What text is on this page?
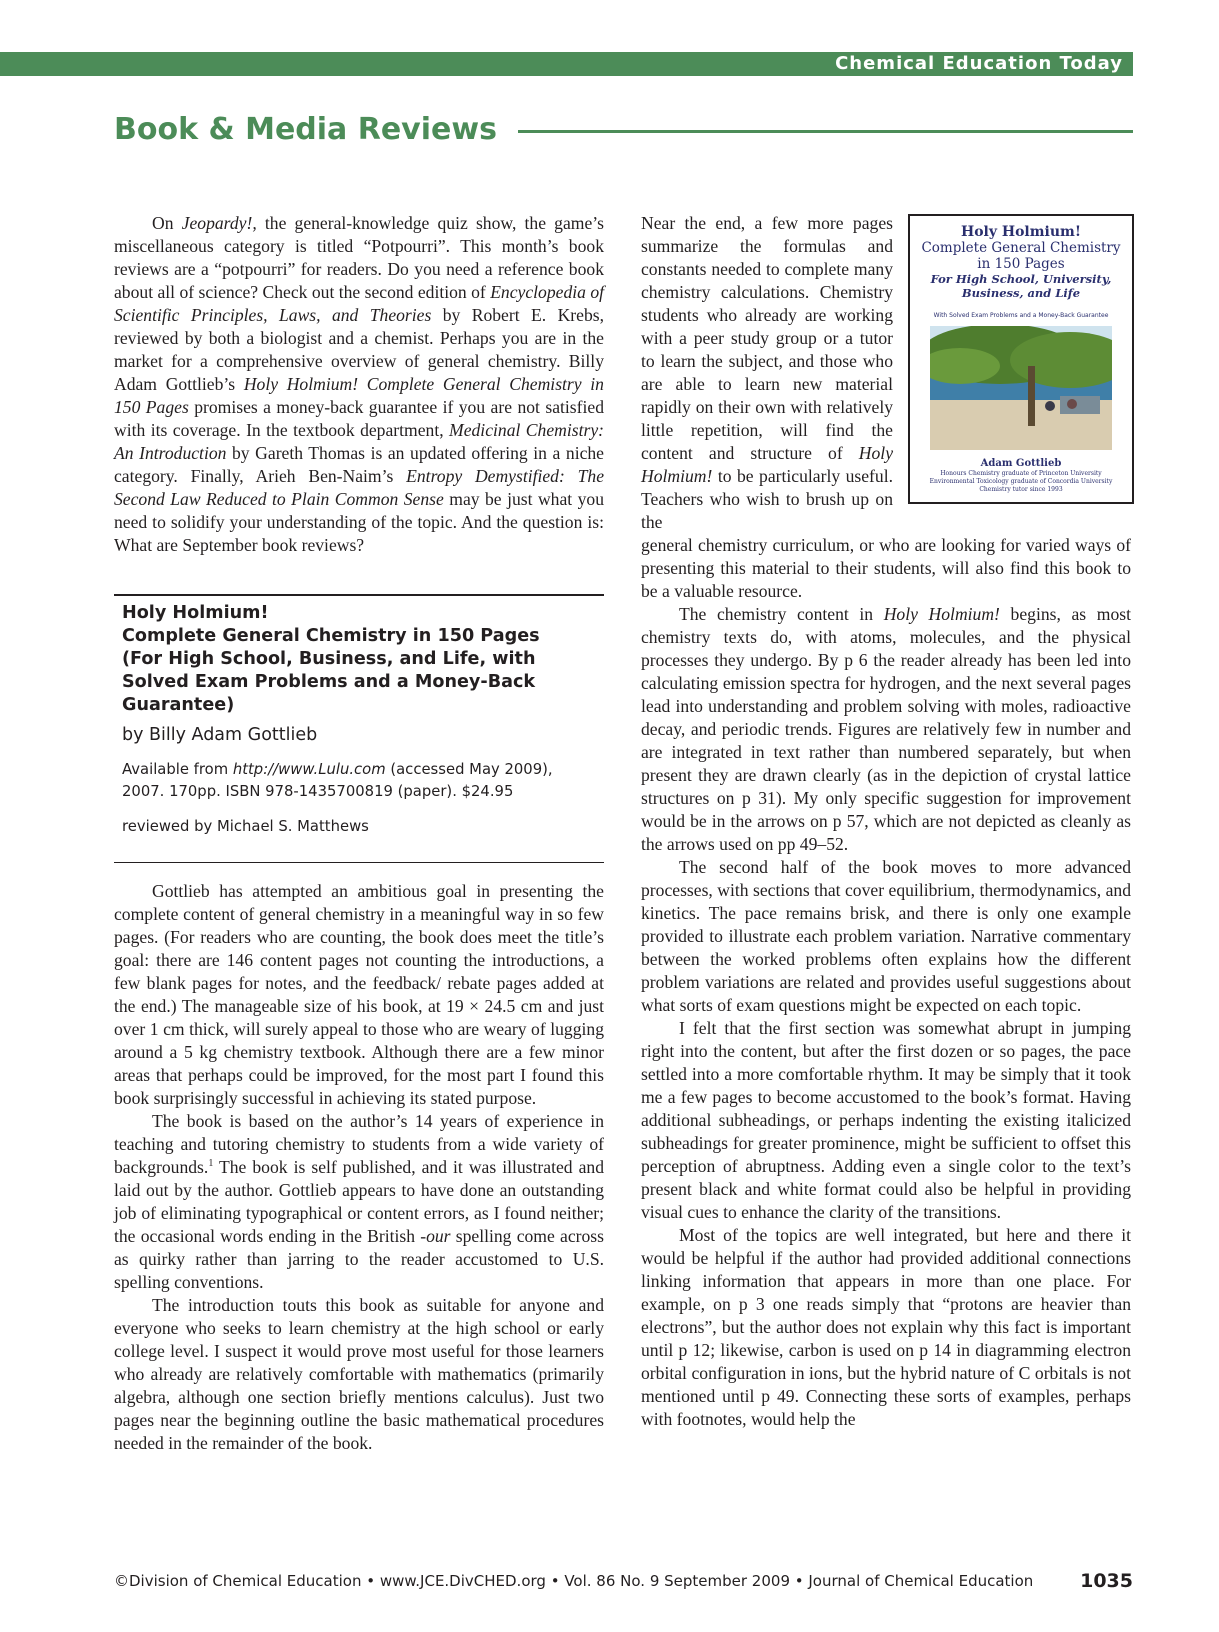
Chemical Education Today
Book & Media Reviews

On Jeopardy!, the general-knowledge quiz show, the game’s miscellaneous category is titled “Potpourri”. This month’s book reviews are a “potpourri” for readers. Do you need a reference book about all of science? Check out the second edition of Encyclopedia of Scientific Principles, Laws, and Theories by Robert E. Krebs, reviewed by both a biologist and a chemist. Perhaps you are in the market for a comprehensive overview of general chemistry. Billy Adam Gottlieb’s Holy Holmium! Complete General Chemistry in 150 Pages promises a money-back guarantee if you are not satisfied with its coverage. In the textbook department, Medicinal Chemistry: An Introduction by Gareth Thomas is an updated offering in a niche category. Finally, Arieh Ben-Naim’s Entropy Demystified: The Second Law Reduced to Plain Common Sense may be just what you need to solidify your understanding of the topic. And the question is: What are September book reviews?

Holy Holmium!
Complete General Chemistry in 150 Pages
(For High School, Business, and Life, with
Solved Exam Problems and a Money-Back
Guarantee)
by Billy Adam Gottlieb
Available from http://www.Lulu.com (accessed May 2009), 2007. 170pp. ISBN 978-1435700819 (paper). $24.95
reviewed by Michael S. Matthews

Gottlieb has attempted an ambitious goal in presenting the complete content of general chemistry in a meaningful way in so few pages. (For readers who are counting, the book does meet the title’s goal: there are 146 content pages not counting the introductions, a few blank pages for notes, and the feedback/ rebate pages added at the end.) The manageable size of his book, at 19 × 24.5 cm and just over 1 cm thick, will surely appeal to those who are weary of lugging around a 5 kg chemistry textbook. Although there are a few minor areas that perhaps could be improved, for the most part I found this book surprisingly successful in achieving its stated purpose.

The book is based on the author’s 14 years of experience in teaching and tutoring chemistry to students from a wide variety of backgrounds.$^1$ The book is self published, and it was illustrated and laid out by the author. Gottlieb appears to have done an outstanding job of eliminating typographical or content errors, as I found neither; the occasional words ending in the British -our spelling come across as quirky rather than jarring to the reader accustomed to U.S. spelling conventions.

The introduction touts this book as suitable for anyone and everyone who seeks to learn chemistry at the high school or early college level. I suspect it would prove most useful for those learners who already are relatively comfortable with mathematics (primarily algebra, although one section briefly mentions calculus). Just two pages near the beginning outline the basic mathematical procedures needed in the remainder of the book.

Near the end, a few more pages summarize the formulas and constants needed to complete many chemistry calculations. Chemistry students who already are working with a peer study group or a tutor to learn the subject, and those who are able to learn new material rapidly on their own with relatively little repetition, will find the content and structure of Holy Holmium! to be particularly useful. Teachers who wish to brush up on the

Holy Holmium!
Complete General Chemistry
in 150 Pages
For High School, University, Business, and Life
With Solved Exam Problems and a Money-Back Guarantee
Adam Gottlieb
Honours Chemistry graduate of Princeton University
Environmental Toxicology graduate of Concordia University
Chemistry tutor since 1993

general chemistry curriculum, or who are looking for varied ways of presenting this material to their students, will also find this book to be a valuable resource.

The chemistry content in Holy Holmium! begins, as most chemistry texts do, with atoms, molecules, and the physical processes they undergo. By p 6 the reader already has been led into calculating emission spectra for hydrogen, and the next several pages lead into understanding and problem solving with moles, radioactive decay, and periodic trends. Figures are relatively few in number and are integrated in text rather than numbered separately, but when present they are drawn clearly (as in the depiction of crystal lattice structures on p 31). My only specific suggestion for improvement would be in the arrows on p 57, which are not depicted as cleanly as the arrows used on pp 49–52.

The second half of the book moves to more advanced processes, with sections that cover equilibrium, thermodynamics, and kinetics. The pace remains brisk, and there is only one example provided to illustrate each problem variation. Narrative commentary between the worked problems often explains how the different problem variations are related and provides useful suggestions about what sorts of exam questions might be expected on each topic.

I felt that the first section was somewhat abrupt in jumping right into the content, but after the first dozen or so pages, the pace settled into a more comfortable rhythm. It may be simply that it took me a few pages to become accustomed to the book’s format. Having additional subheadings, or perhaps indenting the existing italicized subheadings for greater prominence, might be sufficient to offset this perception of abruptness. Adding even a single color to the text’s present black and white format could also be helpful in providing visual cues to enhance the clarity of the transitions.

Most of the topics are well integrated, but here and there it would be helpful if the author had provided additional connections linking information that appears in more than one place. For example, on p 3 one reads simply that “protons are heavier than electrons”, but the author does not explain why this fact is important until p 12; likewise, carbon is used on p 14 in diagramming electron orbital configuration in ions, but the hybrid nature of C orbitals is not mentioned until p 49. Connecting these sorts of examples, perhaps with footnotes, would help the

©Division of Chemical Education • www.JCE.DivCHED.org • Vol. 86 No. 9 September 2009 • Journal of Chemical Education 1035
